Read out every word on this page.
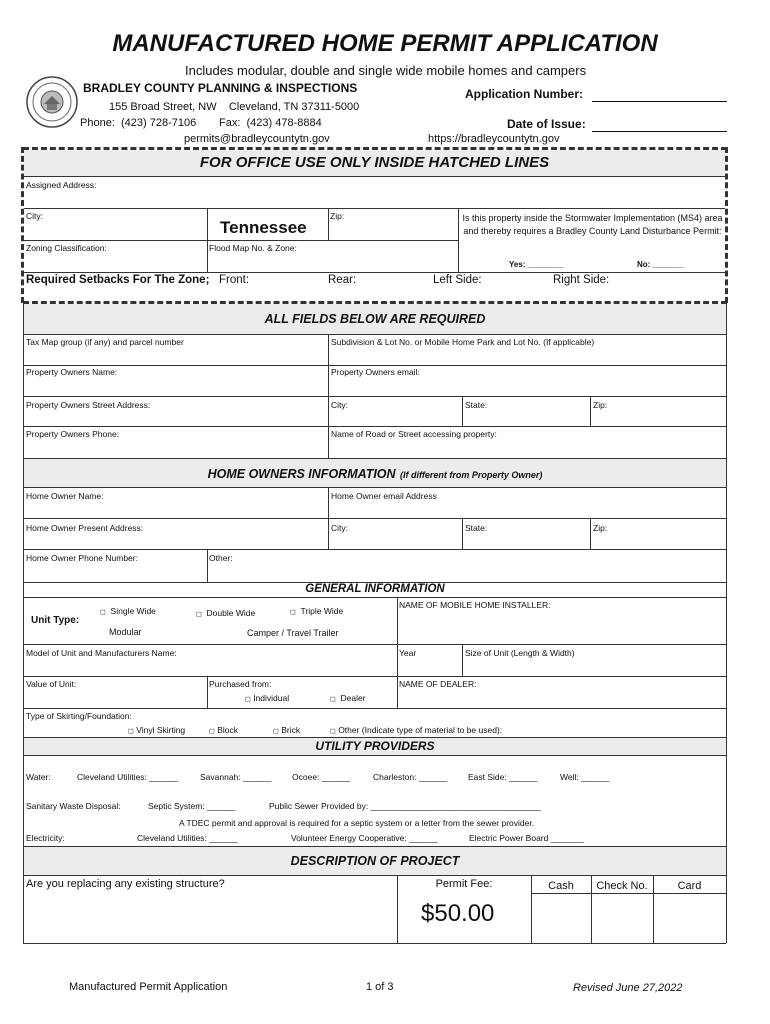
MANUFACTURED HOME PERMIT APPLICATION
Includes modular, double and single wide mobile homes and campers
BRADLEY COUNTY PLANNING & INSPECTIONS
155 Broad Street, NW    Cleveland, TN 37311-5000
Phone:  (423) 728-7106 Fax:  (423) 478-8884
permits@bradleycountytn.gov	https://bradleycountytn.gov
Application Number:
Date of Issue:
FOR OFFICE USE ONLY INSIDE HATCHED LINES
Assigned Address:
City:
Tennessee
Zip:	Is this property inside the Stormwater Implementation (MS4) area and thereby requires a Bradley County Land Disturbance Permit:
Yes: ________	No: _______
Zoning Classification:	Flood Map No. & Zone:
Required Setbacks For The Zone; Front:	Rear:	Left Side:	Right Side:
ALL FIELDS BELOW ARE REQUIRED
Tax Map group (if any) and parcel number	Subdivision & Lot No. or Mobile Home Park and Lot No. (If applicable)
Property Owners Name:	Property Owners email:
Property Owners Street Address:	City:	State:	Zip:
Property Owners Phone:	Name of Road or Street accessing property:
HOME OWNERS INFORMATION (If different from Property Owner)
Home Owner Name:	Home Owner email Address
Home Owner Present Address:	City:	State:	Zip:
Home Owner Phone Number:	Other:
GENERAL INFORMATION
Unit Type:
◻ Single Wide	◻ Double Wide	◻ Triple Wide
Modular	Camper / Travel Trailer
NAME OF MOBILE HOME INSTALLER:
Model of Unit and Manufacturers Name:	Year	Size of Unit (Length & Width)
Value of Unit:	Purchased from:
◻ Individual	◻ Dealer
NAME OF DEALER:
Type of Skirting/Foundation:
◻ Vinyl Skirting	◻ Block	◻ Brick	◻ Other (Indicate type of material to be used):
UTILITY PROVIDERS
Water:	Cleveland Utilities: ______	Savannah: ______ Ocoee: ______	Charleston: ______ East Side: ______	Well: ______
Sanitary Waste Disposal:	Septic System: ______	Public Sewer Provided by: ____________________________________
A TDEC permit and approval is required for a septic system or a letter from the sewer provider.
Electricity:	Cleveland Utilities: ______	Volunteer Energy Cooperative: ______	Electric Power Board _______
DESCRIPTION OF PROJECT
Are you replacing any existing structure?	Permit Fee:	Cash	Check No.	Card
$50.00
Manufactured Permit Application	1 of 3	Revised June 27,2022
